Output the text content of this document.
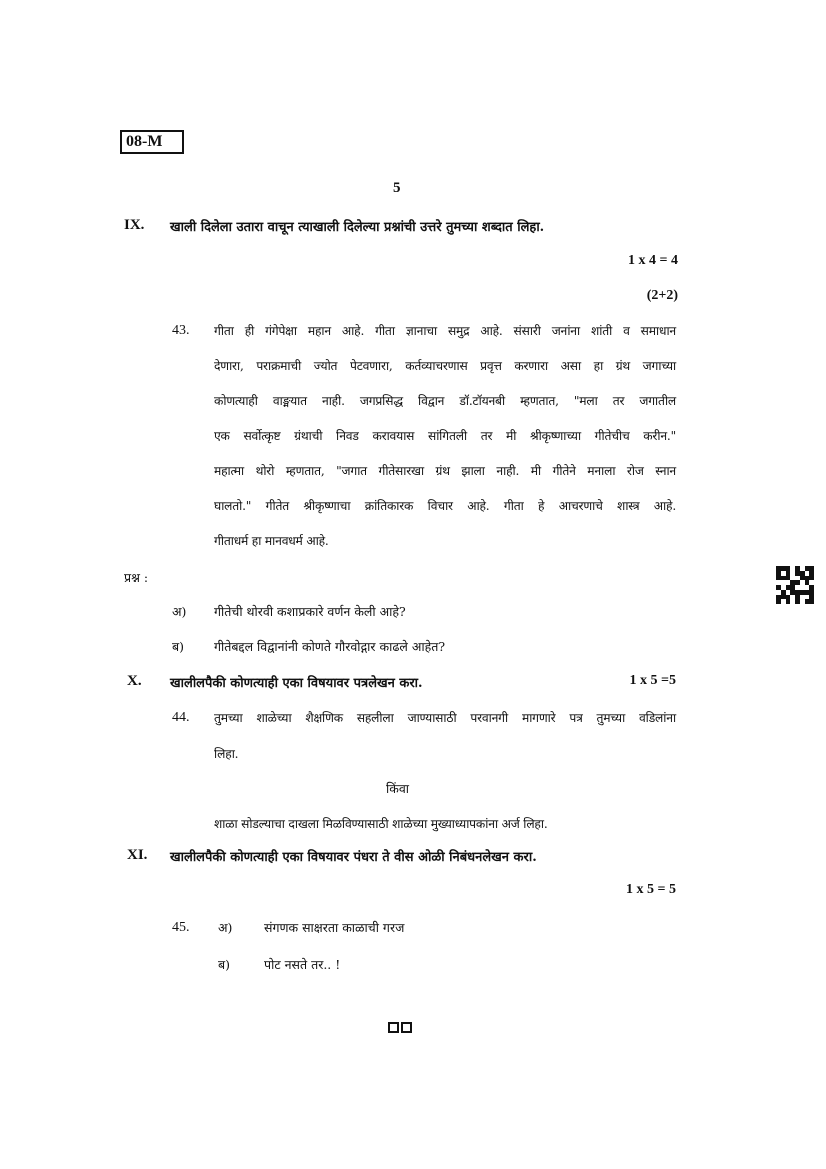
08-M
5
IX. खाली दिलेला उतारा वाचून त्याखाली दिलेल्या प्रश्नांची उत्तरे तुमच्या शब्दात लिहा.
1 x 4 = 4
(2+2)
43. गीता ही गंगेपेक्षा महान आहे. गीता ज्ञानाचा समुद्र आहे. संसारी जनांना शांती व समाधान
देणारा, पराक्रमाची ज्योत पेटवणारा, कर्तव्याचरणास प्रवृत्त करणारा असा हा ग्रंथ जगाच्या
कोणत्याही वाङ्मयात नाही. जगप्रसिद्ध विद्वान डॉ.टॉयनबी म्हणतात, "मला तर जगातील
एक सर्वोत्कृष्ट ग्रंथाची निवड करावयास सांगितली तर मी श्रीकृष्णाच्या गीतेचीच करीन."
महात्मा थोरो म्हणतात, "जगात गीतेसारखा ग्रंथ झाला नाही. मी गीतेने मनाला रोज स्नान
घालतो." गीतेत श्रीकृष्णाचा क्रांतिकारक विचार आहे. गीता हे आचरणाचे शास्त्र आहे.
गीताधर्म हा मानवधर्म आहे.
प्रश्न :
अ) गीतेची थोरवी कशाप्रकारे वर्णन केली आहे?
ब) गीतेबद्दल विद्वानांनी कोणते गौरवोद्गार काढले आहेत?
X. खालीलपैकी कोणत्याही एका विषयावर पत्रलेखन करा.	1 x 5 =5
44. तुमच्या शाळेच्या शैक्षणिक सहलीला जाण्यासाठी परवानगी मागणारे पत्र तुमच्या वडिलांना
लिहा.
किंवा
शाळा सोडल्याचा दाखला मिळविण्यासाठी शाळेच्या मुख्याध्यापकांना अर्ज लिहा.
XI. खालीलपैकी कोणत्याही एका विषयावर पंधरा ते वीस ओळी निबंधनलेखन करा.
1 x 5 = 5
45. अ)	संगणक साक्षरता काळाची गरज
ब)	पोट नसते तर.. !
